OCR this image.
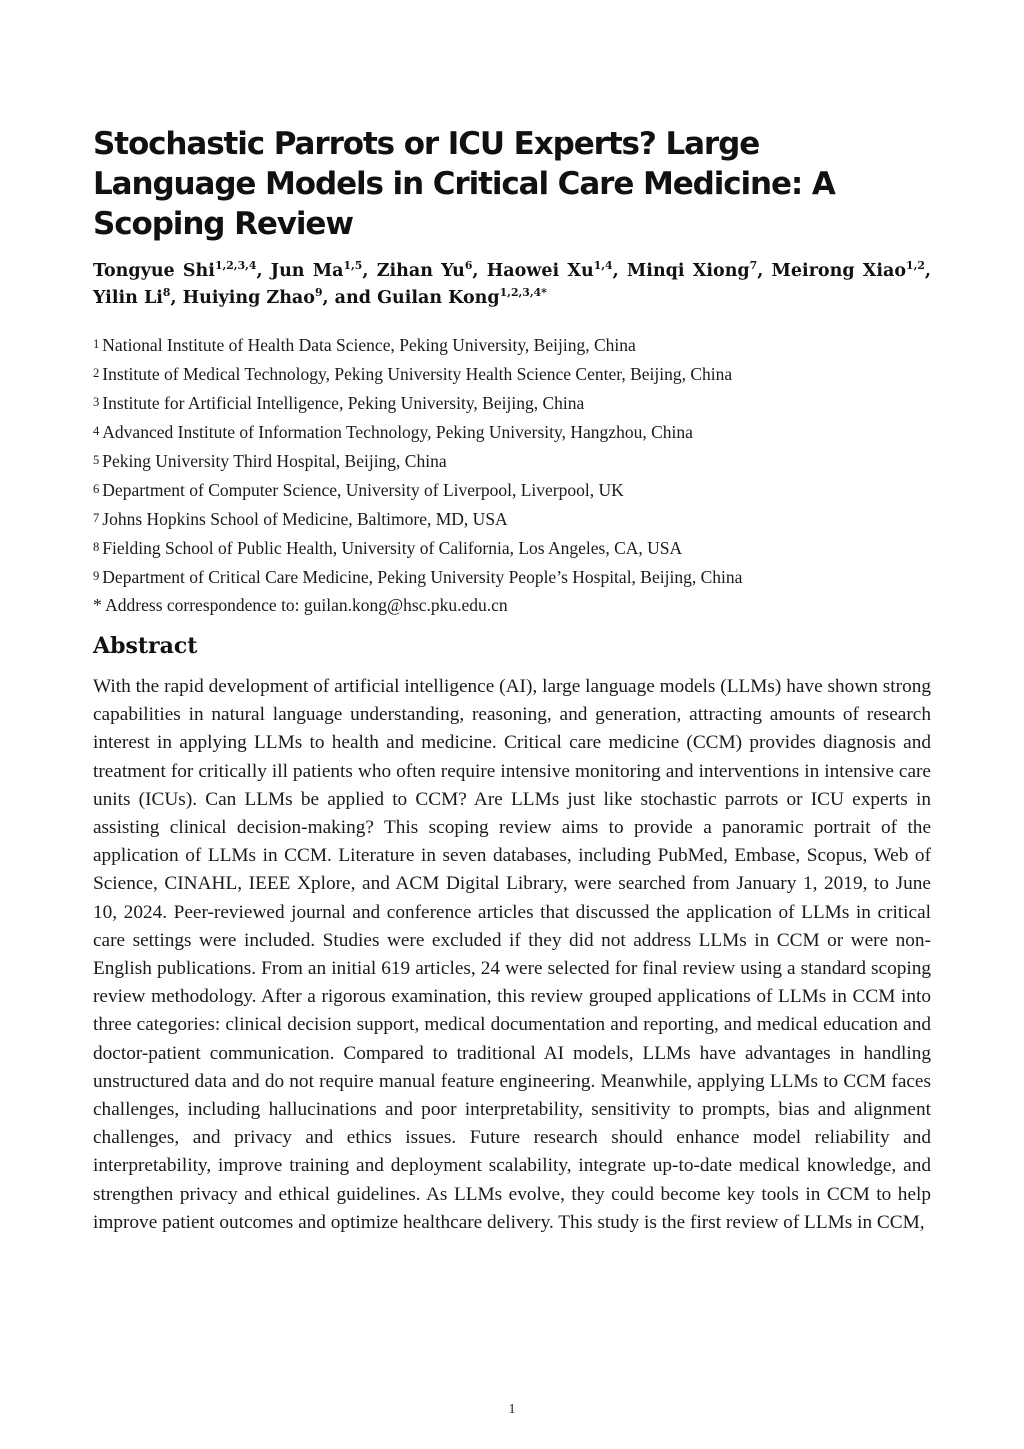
Stochastic Parrots or ICU Experts? Large Language Models in Critical Care Medicine: A Scoping Review
Tongyue Shi$^{1,2,3,4}$, Jun Ma$^{1,5}$, Zihan Yu$^6$, Haowei Xu$^{1,4}$, Minqi Xiong$^7$, Meirong Xiao$^{1,2}$, Yilin Li$^8$, Huiying Zhao$^9$, and Guilan Kong$^{1,2,3,4*}$
1 National Institute of Health Data Science, Peking University, Beijing, China
2 Institute of Medical Technology, Peking University Health Science Center, Beijing, China
3 Institute for Artificial Intelligence, Peking University, Beijing, China
4 Advanced Institute of Information Technology, Peking University, Hangzhou, China
5 Peking University Third Hospital, Beijing, China
6 Department of Computer Science, University of Liverpool, Liverpool, UK
7 Johns Hopkins School of Medicine, Baltimore, MD, USA
8 Fielding School of Public Health, University of California, Los Angeles, CA, USA
9 Department of Critical Care Medicine, Peking University People’s Hospital, Beijing, China
* Address correspondence to: guilan.kong@hsc.pku.edu.cn
Abstract

With the rapid development of artificial intelligence (AI), large language models (LLMs) have shown strong capabilities in natural language understanding, reasoning, and generation, attracting amounts of research interest in applying LLMs to health and medicine. Critical care medicine (CCM) provides diagnosis and treatment for critically ill patients who often require intensive monitoring and interventions in intensive care units (ICUs). Can LLMs be applied to CCM? Are LLMs just like stochastic parrots or ICU experts in assisting clinical decision-making? This scoping review aims to provide a panoramic portrait of the application of LLMs in CCM. Literature in seven databases, including PubMed, Embase, Scopus, Web of Science, CINAHL, IEEE Xplore, and ACM Digital Library, were searched from January 1, 2019, to June 10, 2024. Peer-reviewed journal and conference articles that discussed the application of LLMs in critical care settings were included. Studies were excluded if they did not address LLMs in CCM or were non-English publications. From an initial 619 articles, 24 were selected for final review using a standard scoping review methodology. After a rigorous examination, this review grouped applications of LLMs in CCM into three categories: clinical decision support, medical documentation and reporting, and medical education and doctor-patient communication. Compared to traditional AI models, LLMs have advantages in handling unstructured data and do not require manual feature engineering. Meanwhile, applying LLMs to CCM faces challenges, including hallucinations and poor interpretability, sensitivity to prompts, bias and alignment challenges, and privacy and ethics issues. Future research should enhance model reliability and interpretability, improve training and deployment scalability, integrate up-to-date medical knowledge, and strengthen privacy and ethical guidelines. As LLMs evolve, they could become key tools in CCM to help improve patient outcomes and optimize healthcare delivery. This study is the first review of LLMs in CCM,

1
